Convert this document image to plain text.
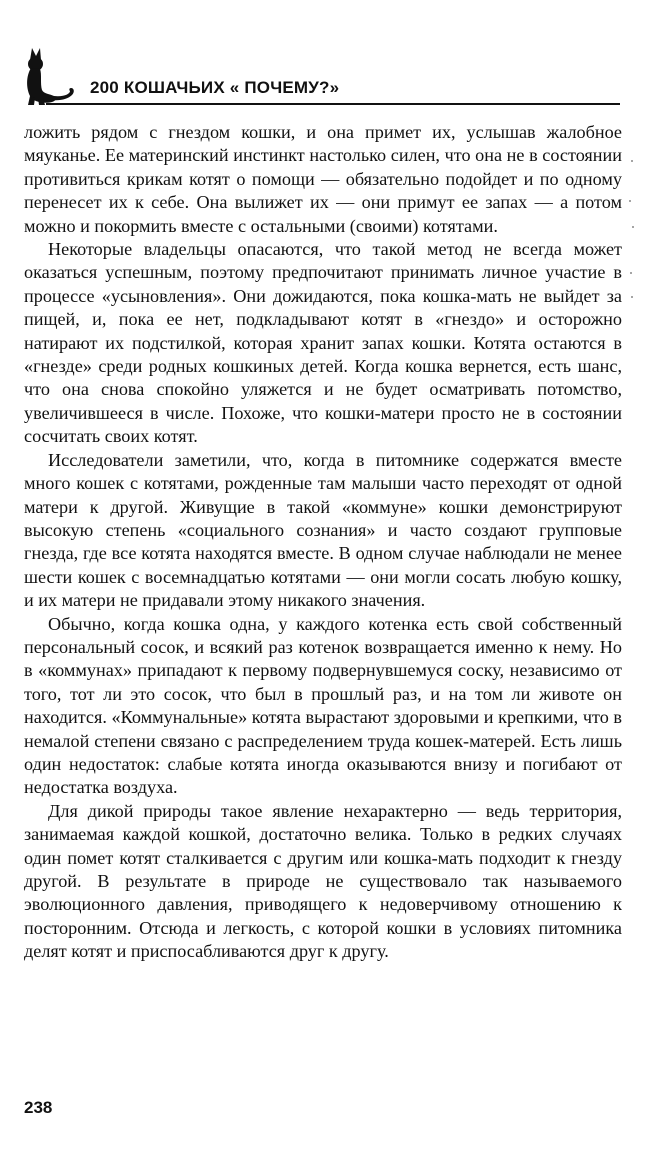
200 КОШАЧЬИХ « ПОЧЕМУ?»

ложить рядом с гнездом кошки, и она примет их, услышав жалобное мяуканье. Ее материнский инстинкт настолько силен, что она не в состоянии противиться крикам котят о помощи — обязательно подойдет и по одному перенесет их к себе. Она вылижет их — они примут ее запах — а потом можно и покормить вместе с остальными (своими) котятами.

Некоторые владельцы опасаются, что такой метод не всегда может оказаться успешным, поэтому предпочитают принимать личное участие в процессе «усыновления». Они дожидаются, пока кошка-мать не выйдет за пищей, и, пока ее нет, подкладывают котят в «гнездо» и осторожно натирают их подстилкой, которая хранит запах кошки. Котята остаются в «гнезде» среди родных кошкиных детей. Когда кошка вернется, есть шанс, что она снова спокойно уляжется и не будет осматривать потомство, увеличившееся в числе. Похоже, что кошки-матери просто не в состоянии сосчитать своих котят.

Исследователи заметили, что, когда в питомнике содержатся вместе много кошек с котятами, рожденные там малыши часто переходят от одной матери к другой. Живущие в такой «коммуне» кошки демонстрируют высокую степень «социального сознания» и часто создают групповые гнезда, где все котята находятся вместе. В одном случае наблюдали не менее шести кошек с восемнадцатью котятами — они могли сосать любую кошку, и их матери не придавали этому никакого значения.

Обычно, когда кошка одна, у каждого котенка есть свой собственный персональный сосок, и всякий раз котенок возвращается именно к нему. Но в «коммунах» припадают к первому подвернувшемуся соску, независимо от того, тот ли это сосок, что был в прошлый раз, и на том ли животе он находится. «Коммунальные» котята вырастают здоровыми и крепкими, что в немалой степени связано с распределением труда кошек-матерей. Есть лишь один недостаток: слабые котята иногда оказываются внизу и погибают от недостатка воздуха.

Для дикой природы такое явление нехарактерно — ведь территория, занимаемая каждой кошкой, достаточно велика. Только в редких случаях один помет котят сталкивается с другим или кошка-мать подходит к гнезду другой. В результате в природе не существовало так называемого эволюционного давления, приводящего к недоверчивому отношению к посторонним. Отсюда и легкость, с которой кошки в условиях питомника делят котят и приспосабливаются друг к другу.

238
